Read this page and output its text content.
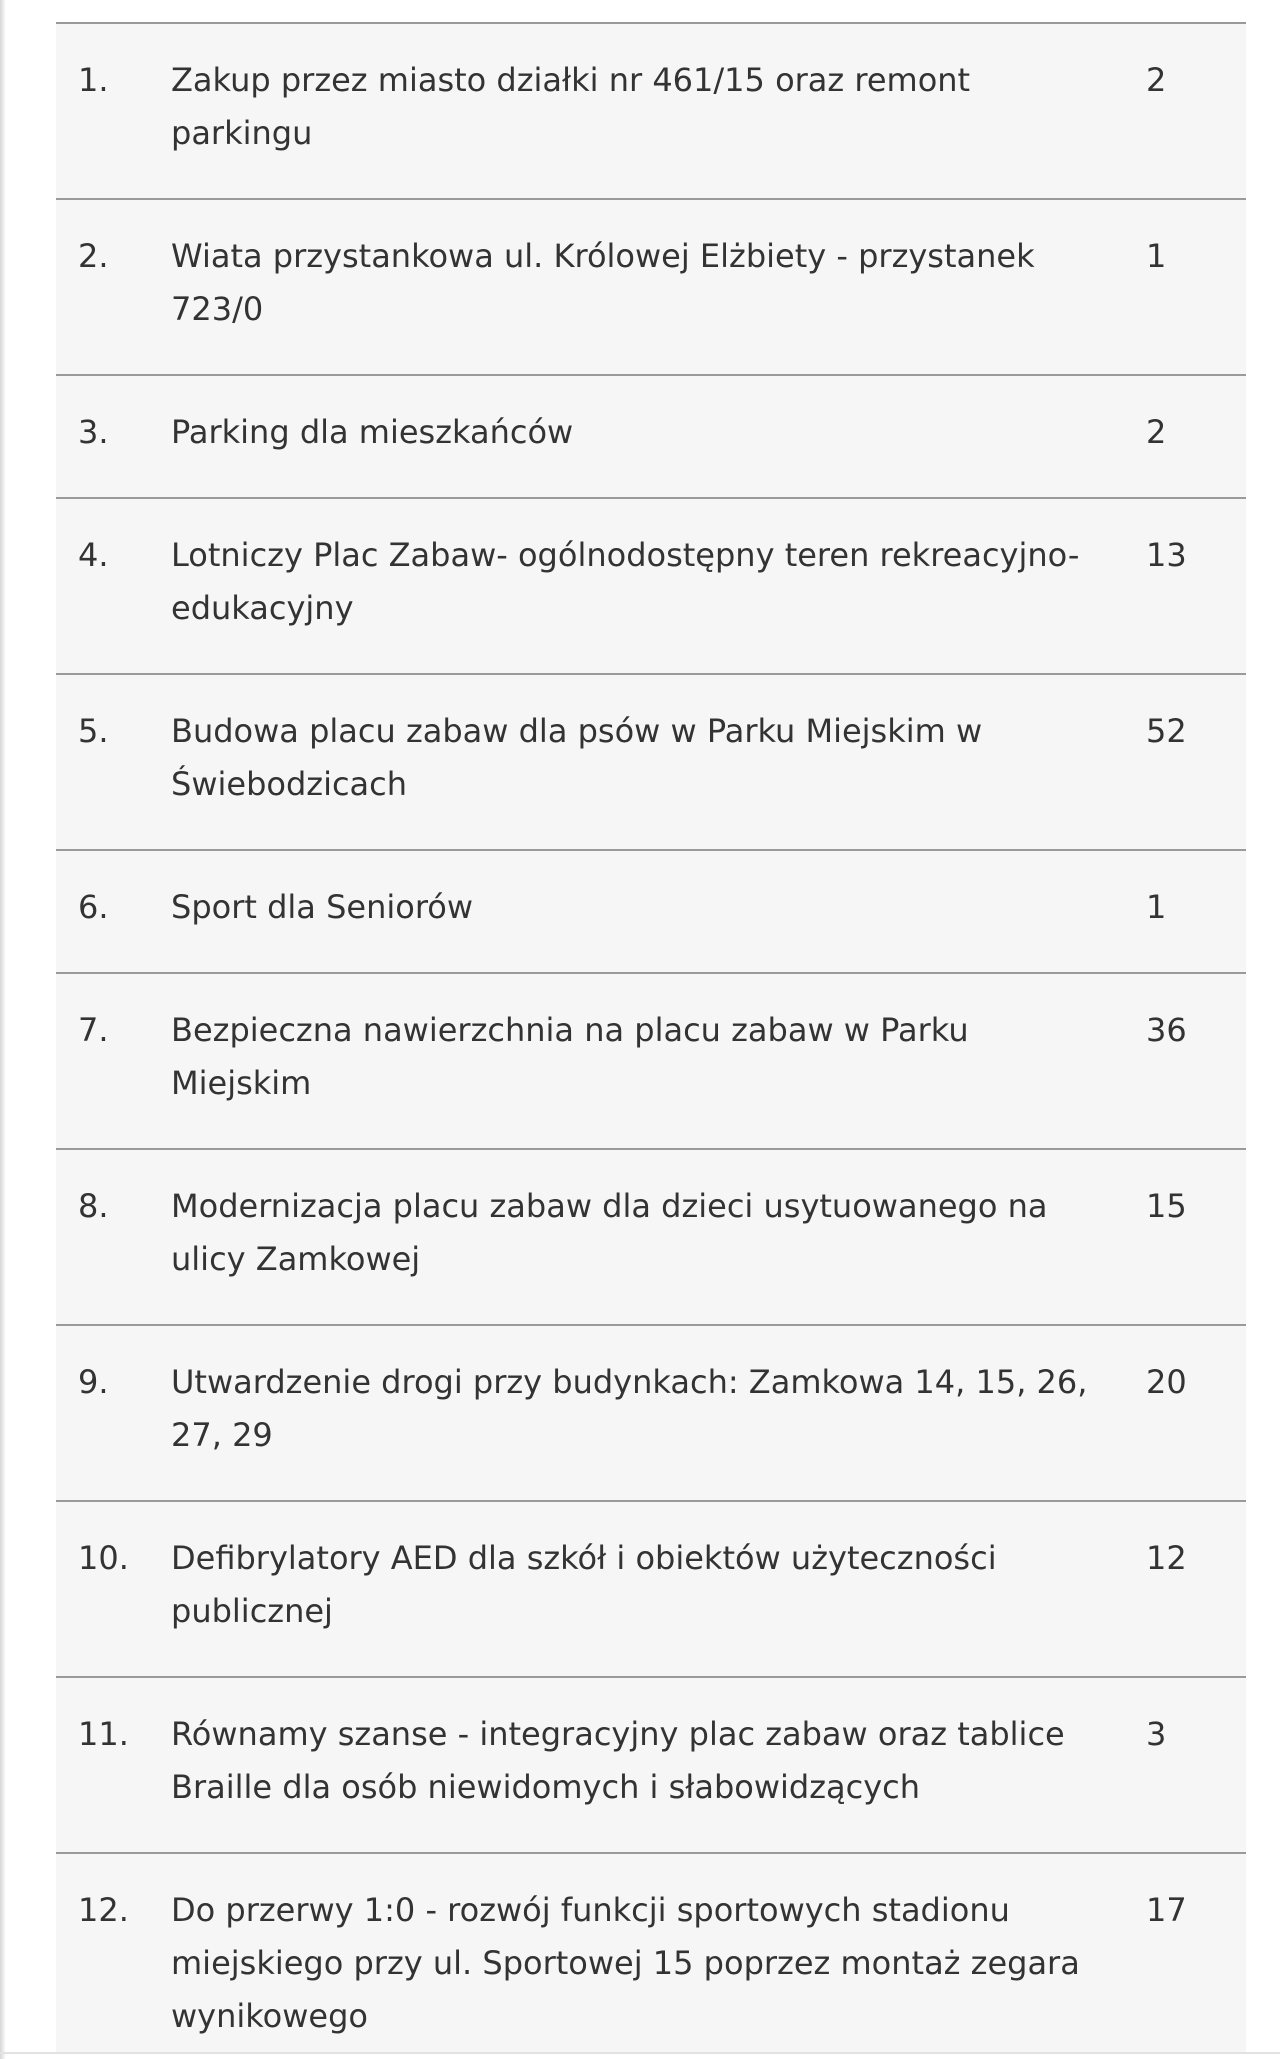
1.	Zakup przez miasto działki nr 461/15 oraz remont
parkingu
2
2.	Wiata przystankowa ul. Królowej Elżbiety - przystanek
723/0
1
3.	Parking dla mieszkańców	2
4.	Lotniczy Plac Zabaw- ogólnodostępny teren rekreacyjno-
edukacyjny
13
5.	Budowa placu zabaw dla psów w Parku Miejskim w
Świebodzicach
52
6.	Sport dla Seniorów	1
7.	Bezpieczna nawierzchnia na placu zabaw w Parku
Miejskim
36
8.	Modernizacja placu zabaw dla dzieci usytuowanego na
ulicy Zamkowej
15
9.	Utwardzenie drogi przy budynkach: Zamkowa 14, 15, 26,
27, 29
20
10.	Defibrylatory AED dla szkół i obiektów użyteczności
publicznej
12
11.	Równamy szanse - integracyjny plac zabaw oraz tablice
Braille dla osób niewidomych i słabowidzących
3
12.	Do przerwy 1:0 - rozwój funkcji sportowych stadionu
miejskiego przy ul. Sportowej 15 poprzez montaż zegara
wynikowego
17
